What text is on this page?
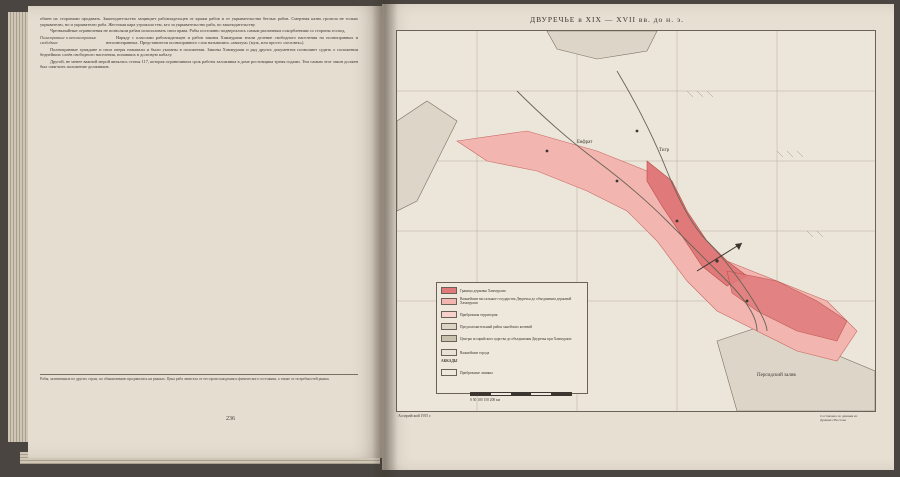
обмен их сторонами продавать. Законодательство защищает рабовладельцев от кражи рабов и от укрывательства беглых рабов. Смертная казнь грозила не только укрывателю, но и укрывателю раба. Жестокая кара угрожала тем, кто за укрывательство раба, по законодательству.

Чрезвычайные ограничения не позволяли рабам использовать свои права. Рабы постоянно подвергались самым различным оскорблениям со стороны господ.

Полноправные и неполноправные свободные

Наряду с классами рабовладельцев и рабов законы Хаммурапи знали деление свободного населения на полноправных и неполноправных. Представители полноправного слоя назывались «авилум» (муж, или просто «человек»).

Полноправные граждане и свои оперы называли и были указаны в положении. Законы Хаммурапи и ряд других документов позволяют судить о положении беднейших слоёв свободного населения, попавших в долговую кабалу.

Другой, не менее важной мерой являлась статья 117, которая ограничивала срок работы заложника в доме ростовщика тремя годами. Тем самым этот закон должен был смягчить положение должников.

Рабы, захваченные из других стран, по обыкновению продавались на рынках. Цена раба зависела от его происхождения и физического состояния, а также от потребностей рынка.
236
ДВУРЕЧЬЕ в XIX — XVII вв. до н. э.
Тигр
Евфрат
Персидский залив
Граница державы Хаммурапи
Важнейшие вассальные государства Двуречья до объединения державой Хаммурапи
Прибрежная территория
Предположительный район ханейских кочевий
Центры ассирийского царства до объединения Двуречья при Хаммурапи
Важнейшие города
АККАДЫ
Прибрежные лиманы
0 50 100 150 200 км
Ассирийский 1955 г.	Составлено по данным из Древнего Востока
